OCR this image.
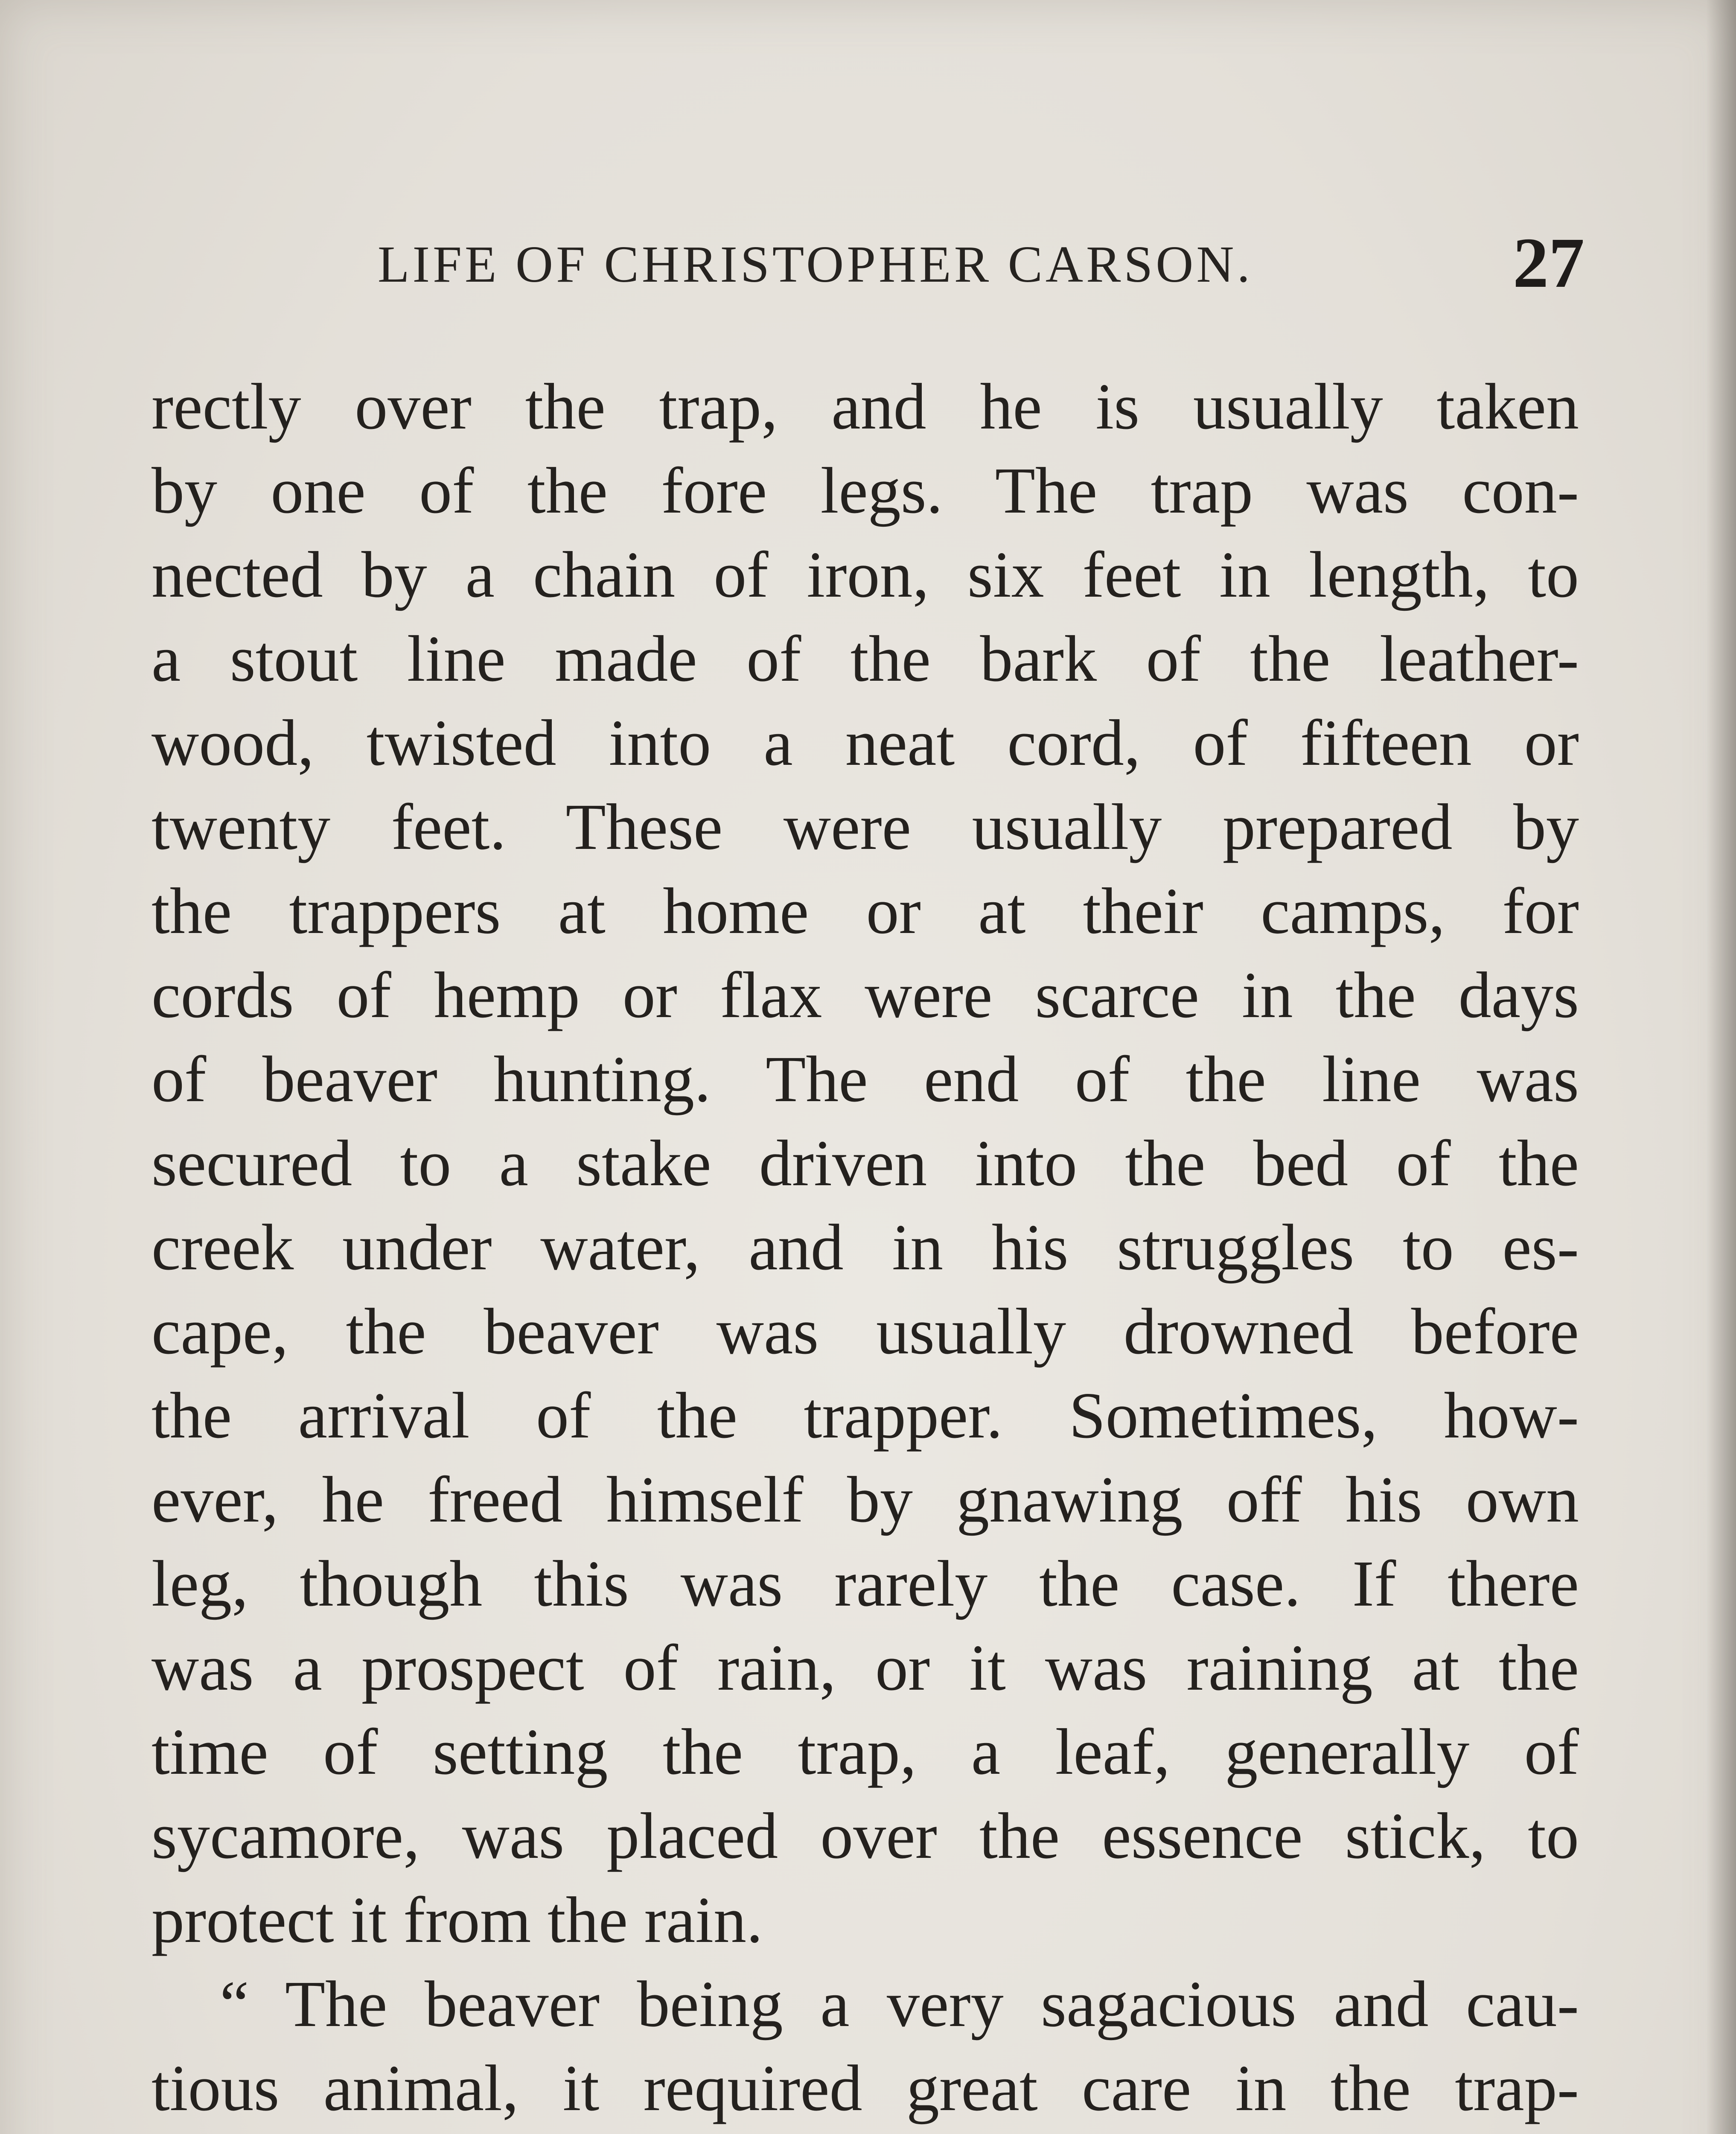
LIFE OF CHRISTOPHER CARSON.	27
rectly over the trap, and he is usually taken
by one of the fore legs. The trap was con-
nected by a chain of iron, six feet in length, to
a stout line made of the bark of the leather-
wood, twisted into a neat cord, of fifteen or
twenty feet. These were usually prepared by
the trappers at home or at their camps, for
cords of hemp or flax were scarce in the days
of beaver hunting. The end of the line was
secured to a stake driven into the bed of the
creek under water, and in his struggles to es-
cape, the beaver was usually drowned before
the arrival of the trapper. Sometimes, how-
ever, he freed himself by gnawing off his own
leg, though this was rarely the case. If there
was a prospect of rain, or it was raining at the
time of setting the trap, a leaf, generally of
sycamore, was placed over the essence stick, to
protect it from the rain.
“ The beaver being a very sagacious and cau-
tious animal, it required great care in the trap-
